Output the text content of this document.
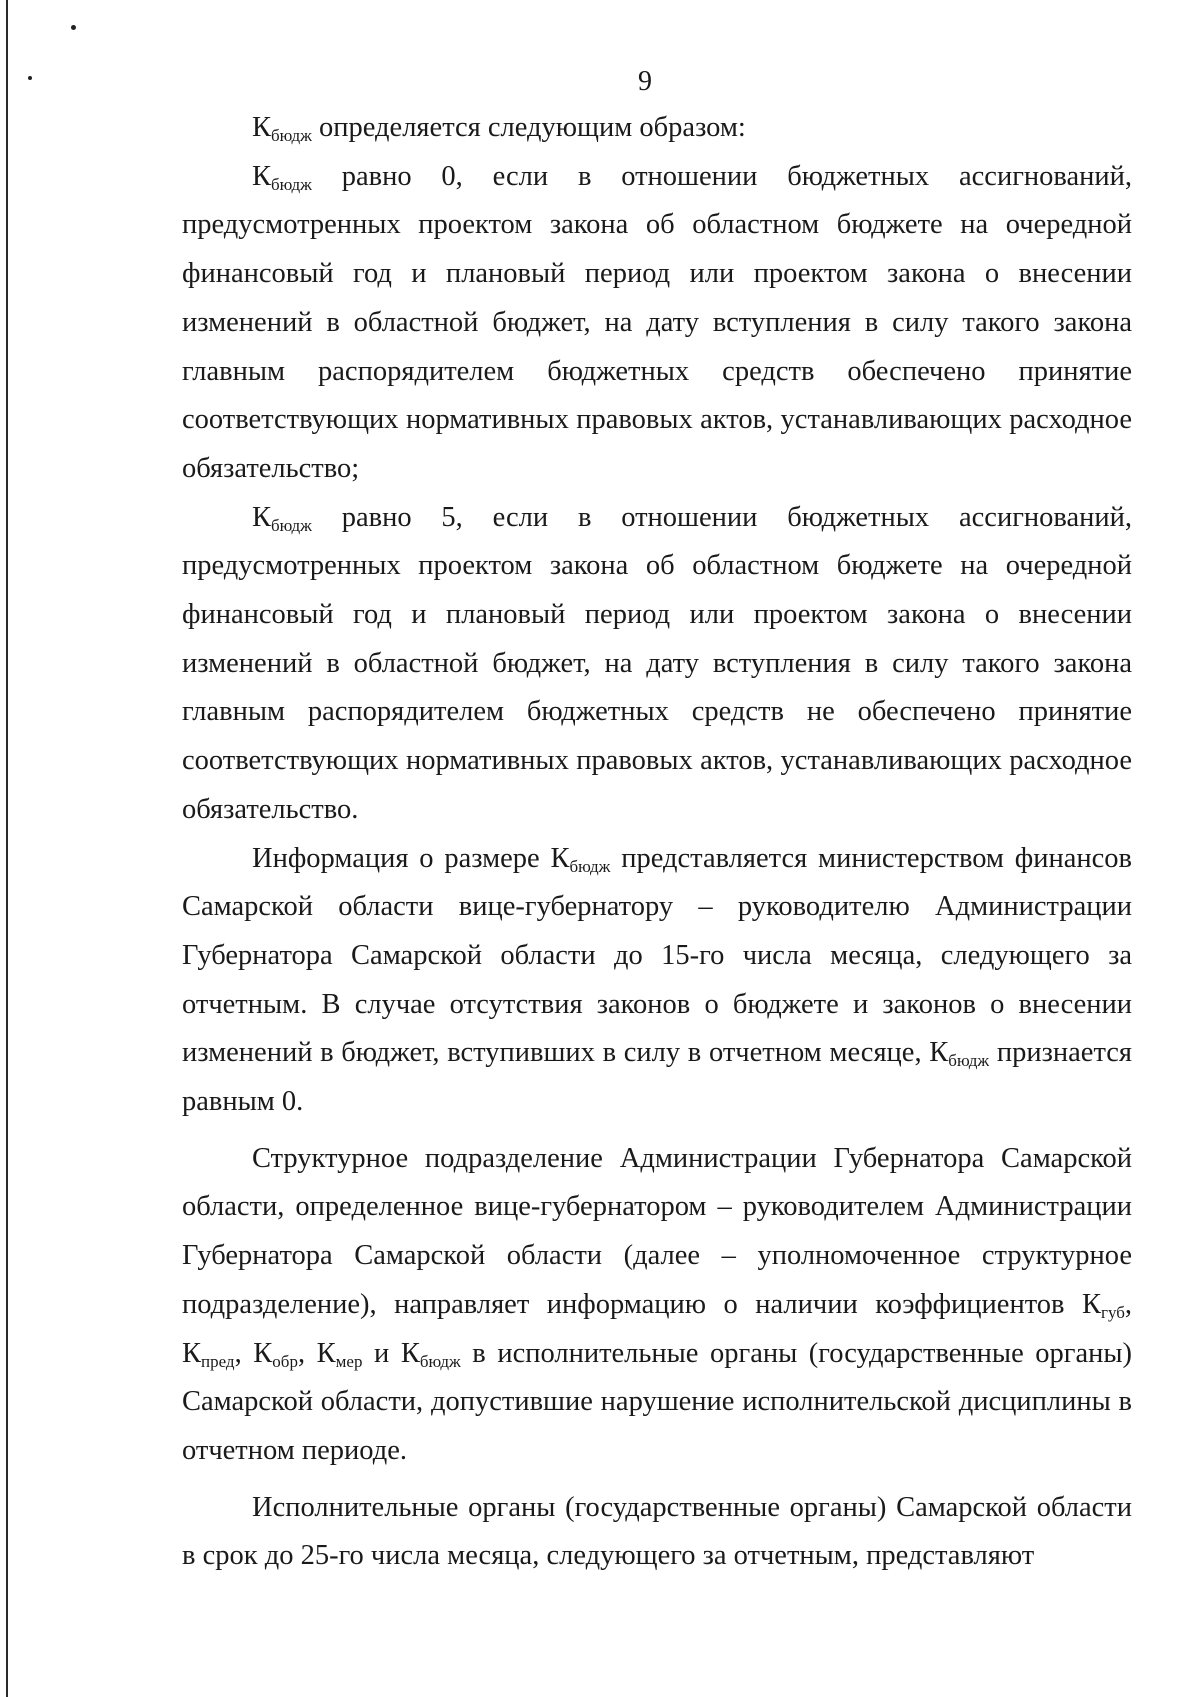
9

$К_{бюдж}$ определяется следующим образом:

$К_{бюдж}$ равно 0, если в отношении бюджетных ассигнований, предусмотренных проектом закона об областном бюджете на очередной финансовый год и плановый период или проектом закона о внесении изменений в областной бюджет, на дату вступления в силу такого закона главным распорядителем бюджетных средств обеспечено принятие соответствующих нормативных правовых актов, устанавливающих расходное обязательство;

$К_{бюдж}$ равно 5, если в отношении бюджетных ассигнований, предусмотренных проектом закона об областном бюджете на очередной финансовый год и плановый период или проектом закона о внесении изменений в областной бюджет, на дату вступления в силу такого закона главным распорядителем бюджетных средств не обеспечено принятие соответствующих нормативных правовых актов, устанавливающих расходное обязательство.

Информация о размере $К_{бюдж}$ представляется министерством финансов Самарской области вице-губернатору – руководителю Администрации Губернатора Самарской области до 15-го числа месяца, следующего за отчетным. В случае отсутствия законов о бюджете и законов о внесении изменений в бюджет, вступивших в силу в отчетном месяце, $К_{бюдж}$ признается равным 0.

Структурное подразделение Администрации Губернатора Самарской области, определенное вице-губернатором – руководителем Администрации Губернатора Самарской области (далее – уполномоченное структурное подразделение), направляет информацию о наличии коэффициентов $К_{губ}$, $К_{пред}$, $К_{обр}$, $К_{мер}$ и $К_{бюдж}$ в исполнительные органы (государственные органы) Самарской области, допустившие нарушение исполнительской дисциплины в отчетном периоде.

Исполнительные органы (государственные органы) Самарской области в срок до 25-го числа месяца, следующего за отчетным, представляют
